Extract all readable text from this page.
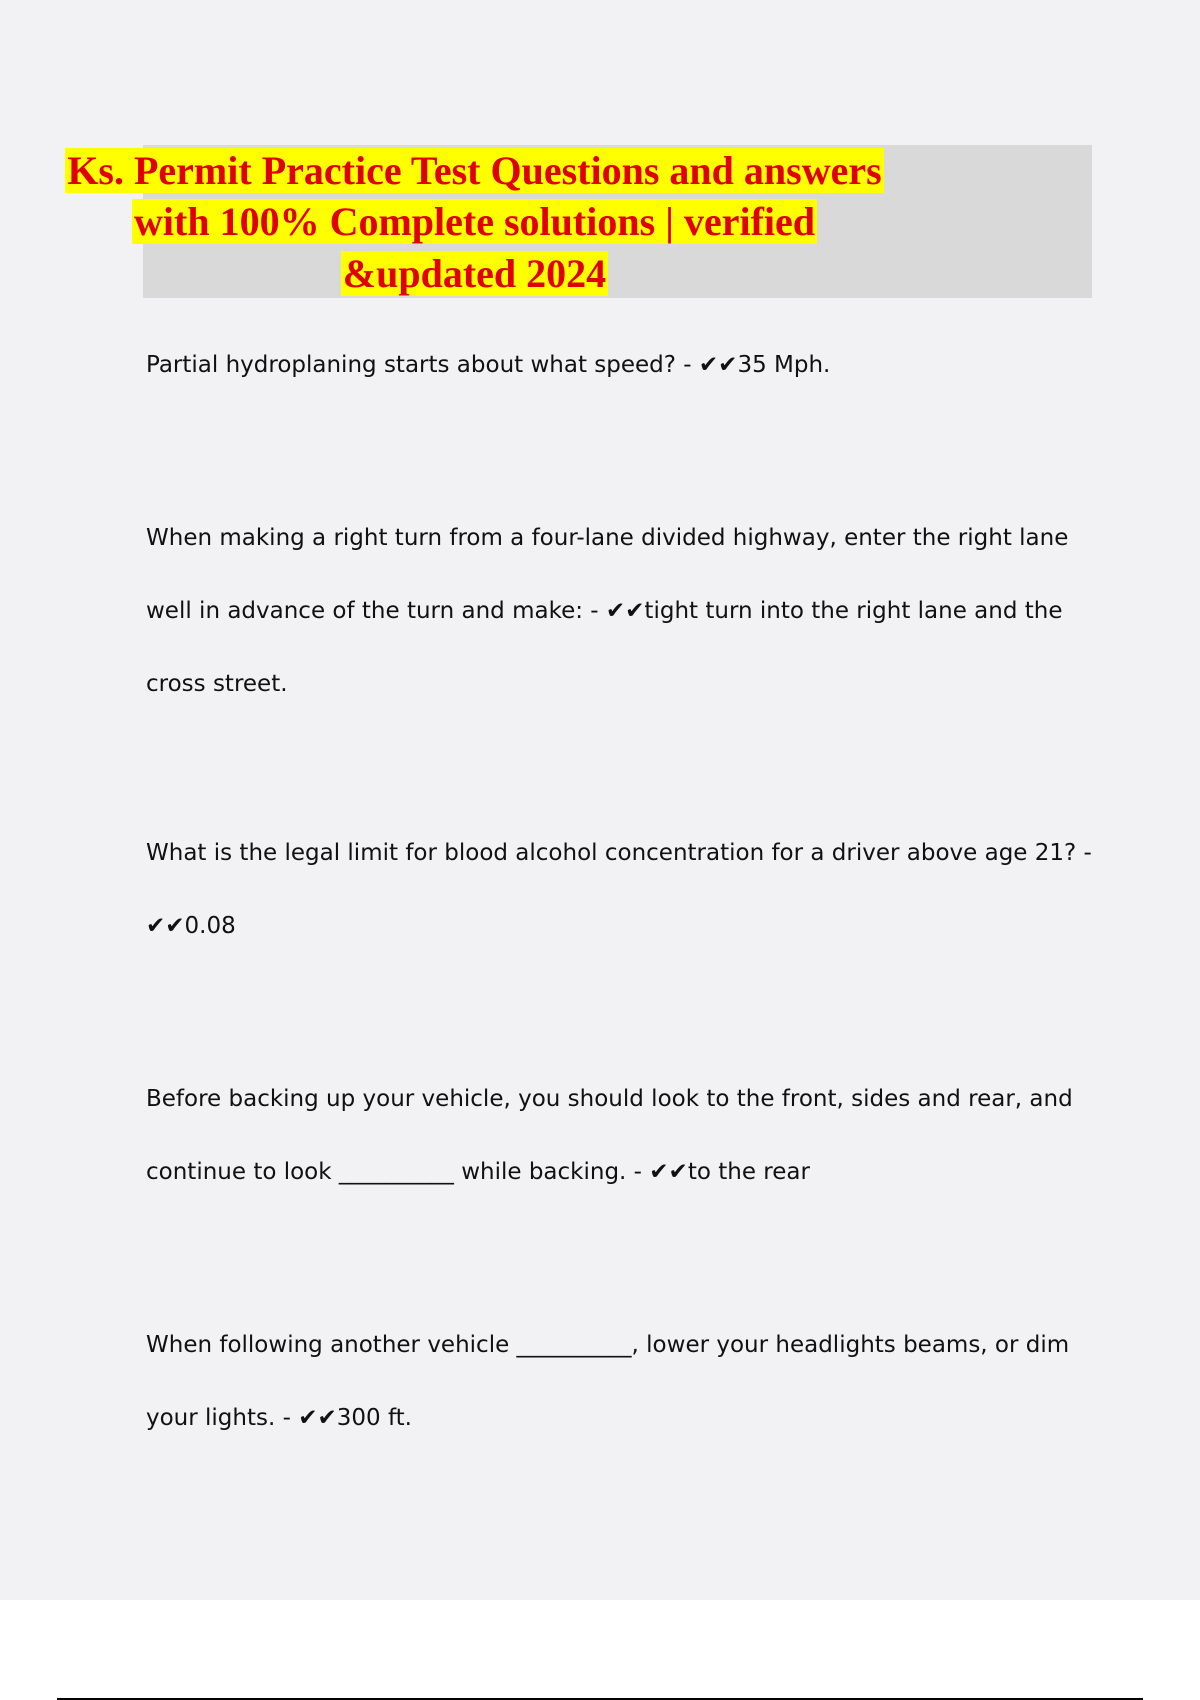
Ks. Permit Practice Test Questions and answers
with 100% Complete solutions | verified
&updated 2024
Partial hydroplaning starts about what speed? - ✔✔35 Mph.
When making a right turn from a four-lane divided highway, enter the right lane
well in advance of the turn and make: - ✔✔tight turn into the right lane and the
cross street.
What is the legal limit for blood alcohol concentration for a driver above age 21? -
✔✔0.08
Before backing up your vehicle, you should look to the front, sides and rear, and
continue to look __________ while backing. - ✔✔to the rear
When following another vehicle __________, lower your headlights beams, or dim
your lights. - ✔✔300 ft.
